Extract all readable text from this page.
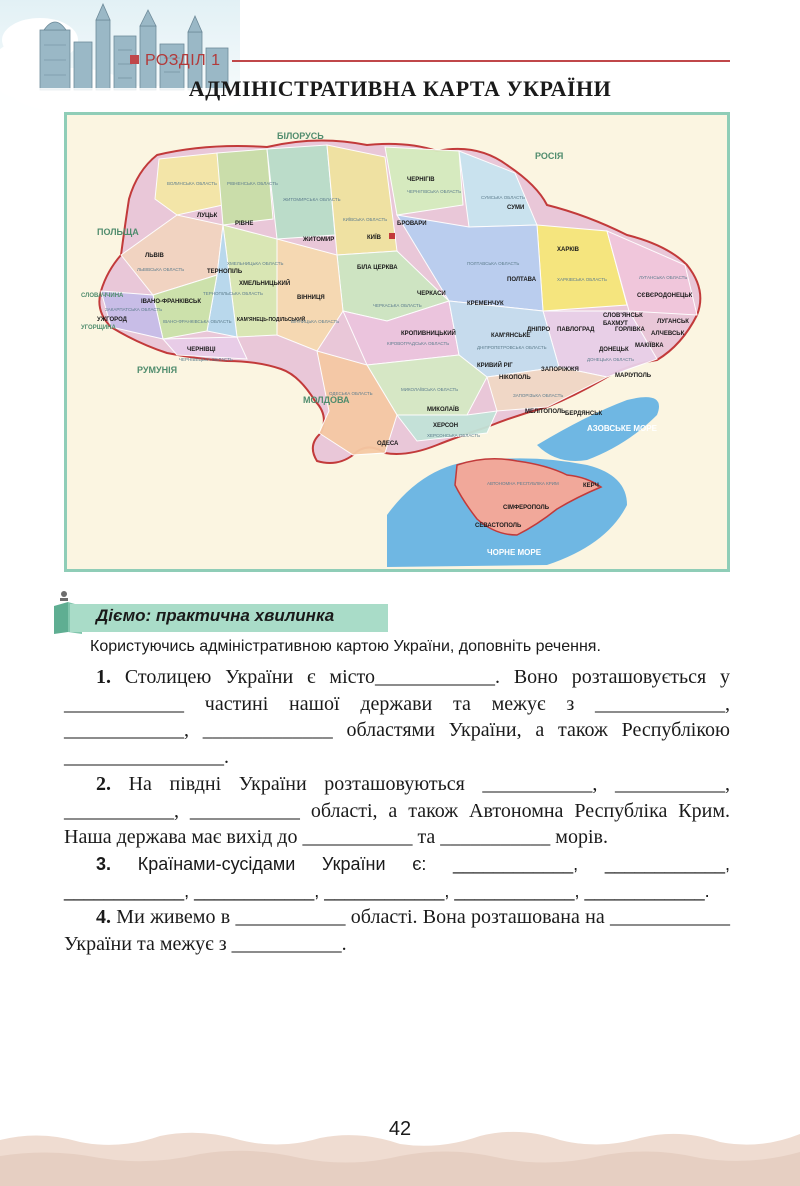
РОЗДІЛ 1
АДМІНІСТРАТИВНА КАРТА УКРАЇНИ
БІЛОРУСЬ
РОСІЯ
ПОЛЬЩА
СЛОВАЧЧИНА
УГОРЩИНА
РУМУНІЯ
МОЛДОВА
АЗОВСЬКЕ МОРЕ
ЧОРНЕ МОРЕ
ЧЕРНІГІВ
СУМИ
ЛУЦЬК
РІВНЕ
ЖИТОМИР	КИЇВ
БРОВАРИ
ХАРКІВ
ЛЬВІВ
ТЕРНОПІЛЬ
ХМЕЛЬНИЦЬКИЙ
ВІННИЦЯ
БІЛА ЦЕРКВА
ЧЕРКАСИ
ПОЛТАВА
КРЕМЕНЧУК
СЄВЄРОДОНЕЦЬК
ЛУГАНСЬК
АЛЧЕВСЬК
ГОРЛІВКА
ІВАНО-ФРАНКІВСЬК
УЖГОРОД
ЧЕРНІВЦІ
КАМ'ЯНЕЦЬ-ПОДІЛЬСЬКИЙ
КРОПИВНИЦЬКИЙ	КАМ'ЯНСЬКЕ
ДНІПРО ПАВЛОГРАД
СЛОВ'ЯНСЬК
БАХМУТ
КРИВИЙ РІГ
ДОНЕЦЬК
МАКІЇВКА
НІКОПОЛЬ
ЗАПОРІЖЖЯ
МАРІУПОЛЬ
МИКОЛАЇВ	МЕЛІТОПОЛЬ БЕРДЯНСЬК
ХЕРСОН
ОДЕСА
КЕРЧ
СІМФЕРОПОЛЬ
СЕВАСТОПОЛЬ
ВОЛИНСЬКА ОБЛАСТЬ РІВНЕНСЬКА ОБЛАСТЬ
ЖИТОМИРСЬКА ОБЛАСТЬ
КИЇВСЬКА ОБЛАСТЬ
ЧЕРНІГІВСЬКА ОБЛАСТЬ
СУМСЬКА ОБЛАСТЬ
ХАРКІВСЬКА ОБЛАСТЬ	ЛУГАНСЬКА ОБЛАСТЬ
ДОНЕЦЬКА ОБЛАСТЬ
ЛЬВІВСЬКА ОБЛАСТЬ
ТЕРНОПІЛЬСЬКА ОБЛАСТЬ
ХМЕЛЬНИЦЬКА ОБЛАСТЬ
ВІННИЦЬКА ОБЛАСТЬ
ЧЕРКАСЬКА ОБЛАСТЬ
ПОЛТАВСЬКА ОБЛАСТЬ
ІВАНО-ФРАНКІВСЬКА ОБЛАСТЬ
ЗАКАРПАТСЬКА ОБЛАСТЬ
ЧЕРНІВЕЦЬКА ОБЛАСТЬ
КІРОВОГРАДСЬКА ОБЛАСТЬ
ДНІПРОПЕТРОВСЬКА ОБЛАСТЬ
ЗАПОРІЗЬКА ОБЛАСТЬ
МИКОЛАЇВСЬКА ОБЛАСТЬ
ОДЕСЬКА ОБЛАСТЬ
ХЕРСОНСЬКА ОБЛАСТЬ
АВТОНОМНА РЕСПУБЛІКА КРИМ
Діємо: практична хвилинка
Користуючись адміністративною картою України, доповніть речення.

1. Столицею України є місто____________. Воно розташовується у ____________ частині нашої держави та межує з _____________, ____________, _____________ областями України, а також Республікою ________________.

2. На півдні України розташовуються ___________, ___________, ___________, ___________ області, а також Автономна Республіка Крим. Наша держава має вихід до ___________ та ___________ морів.

3. Країнами-сусідами України є: ____________, ____________, ____________, ____________, ____________, ____________, ____________.

4. Ми живемо в ___________ області. Вона розташована на ____________ України та межує з ___________.

42
